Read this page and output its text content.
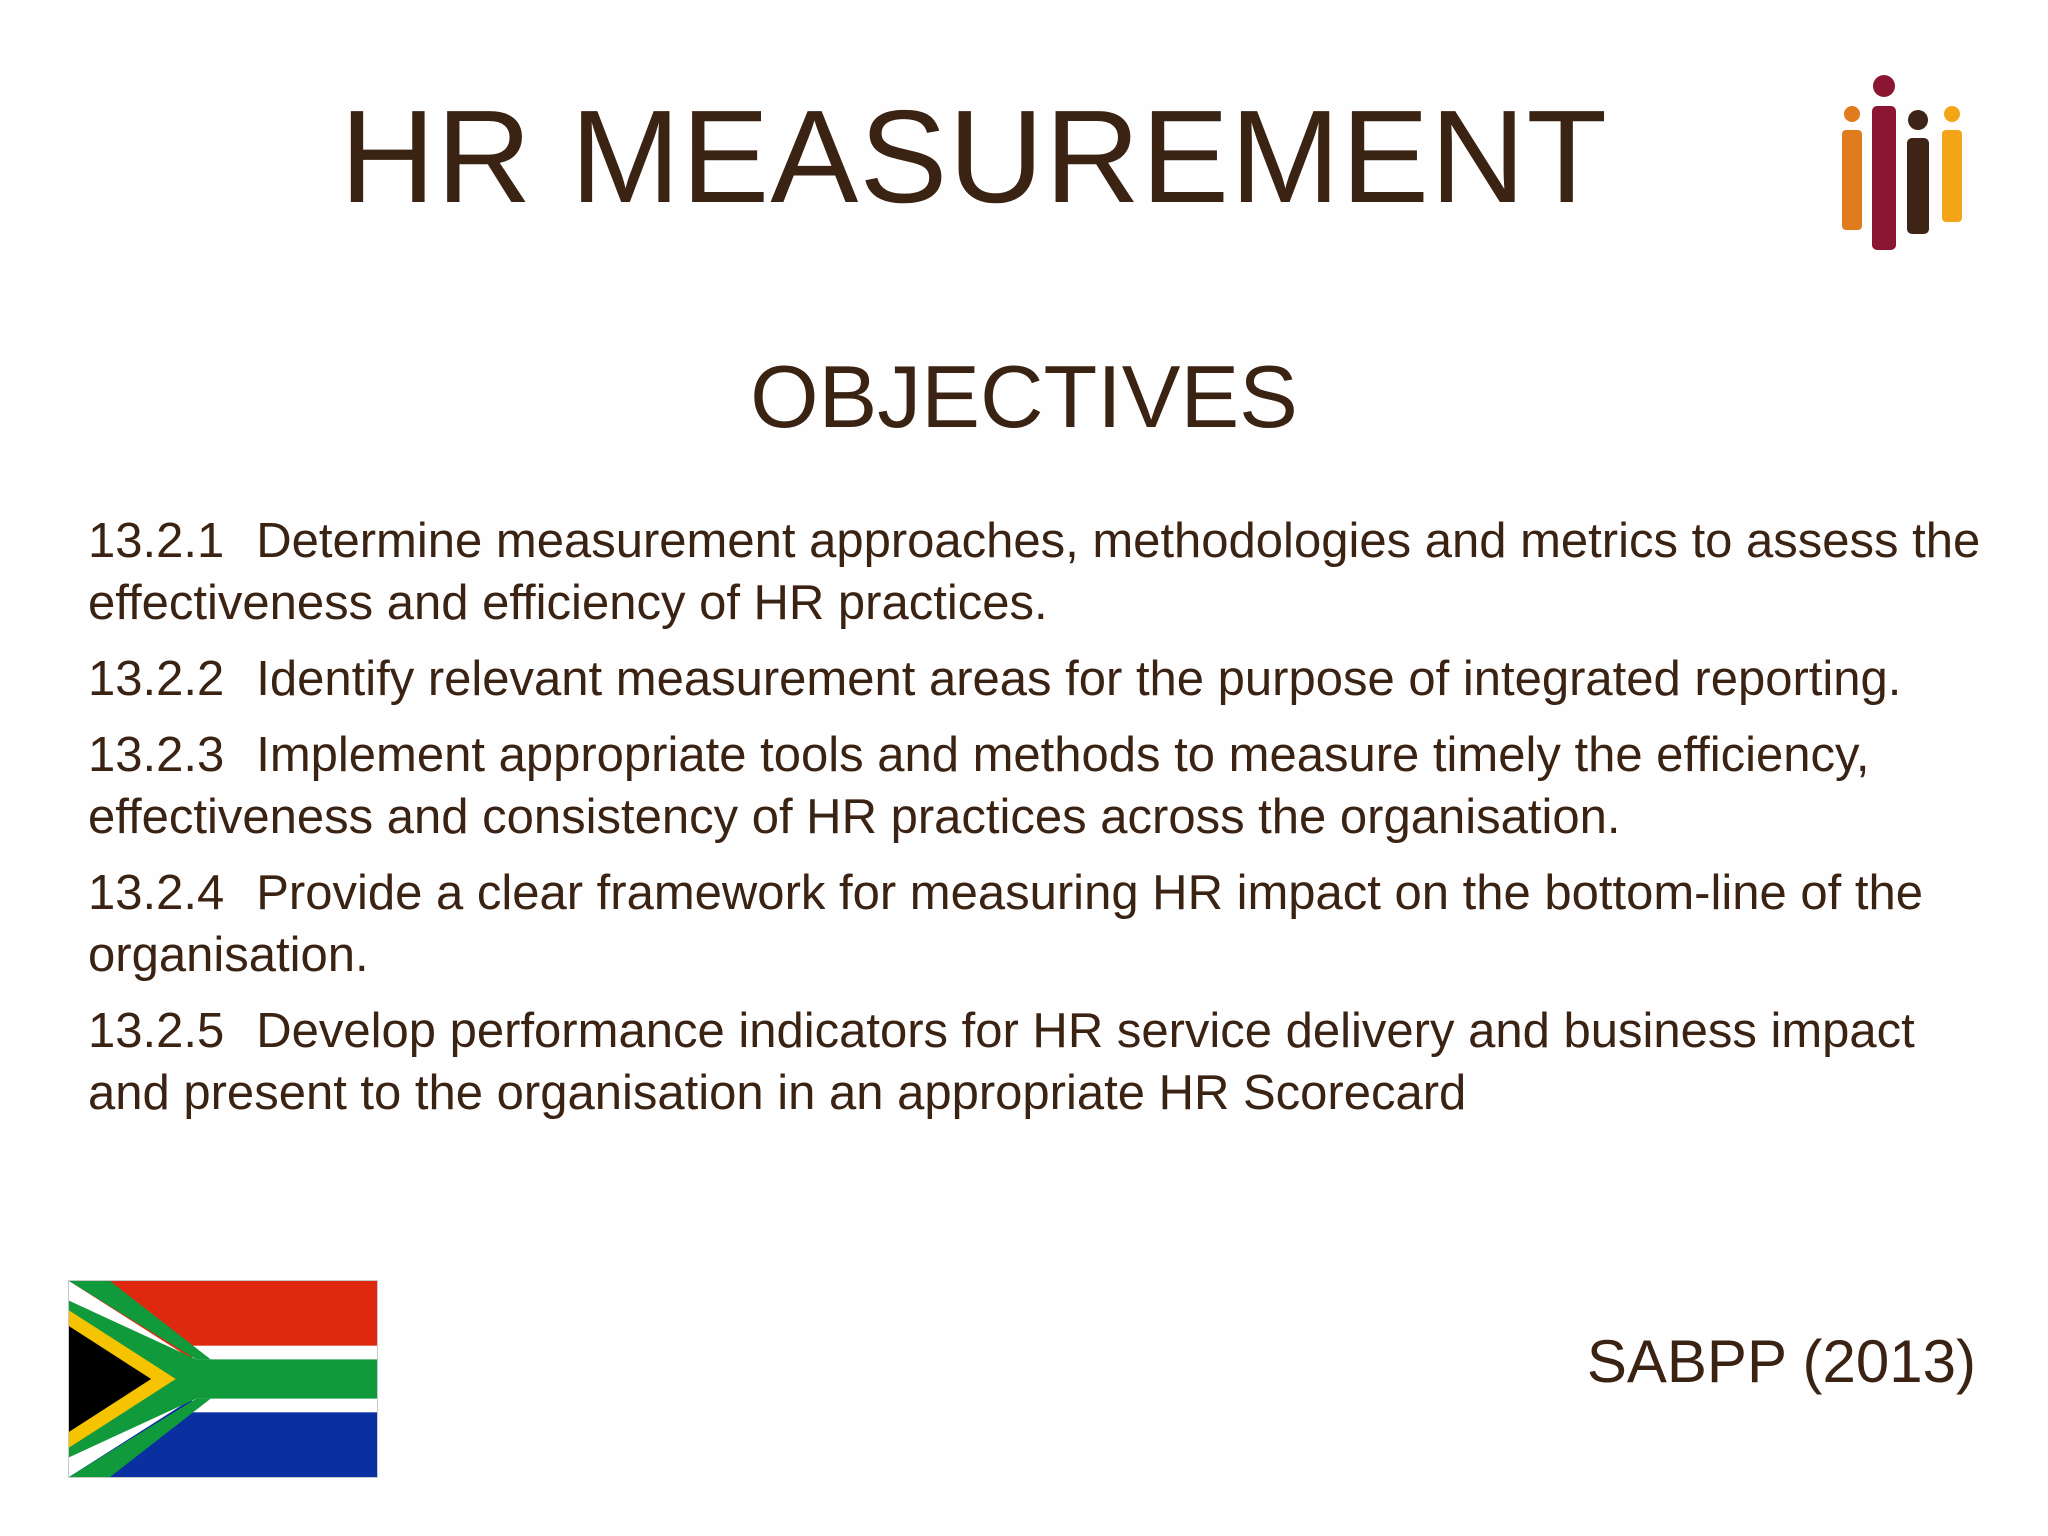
HR MEASUREMENT
OBJECTIVES
13.2.1 Determine measurement approaches, methodologies and metrics to assess the effectiveness and efficiency of HR practices.
13.2.2 Identify relevant measurement areas for the purpose of integrated reporting.
13.2.3 Implement appropriate tools and methods to measure timely the efficiency, effectiveness and consistency of HR practices across the organisation.
13.2.4 Provide a clear framework for measuring HR impact on the bottom-line of the organisation.
13.2.5 Develop performance indicators for HR service delivery and business impact and present to the organisation in an appropriate HR Scorecard
SABPP (2013)
